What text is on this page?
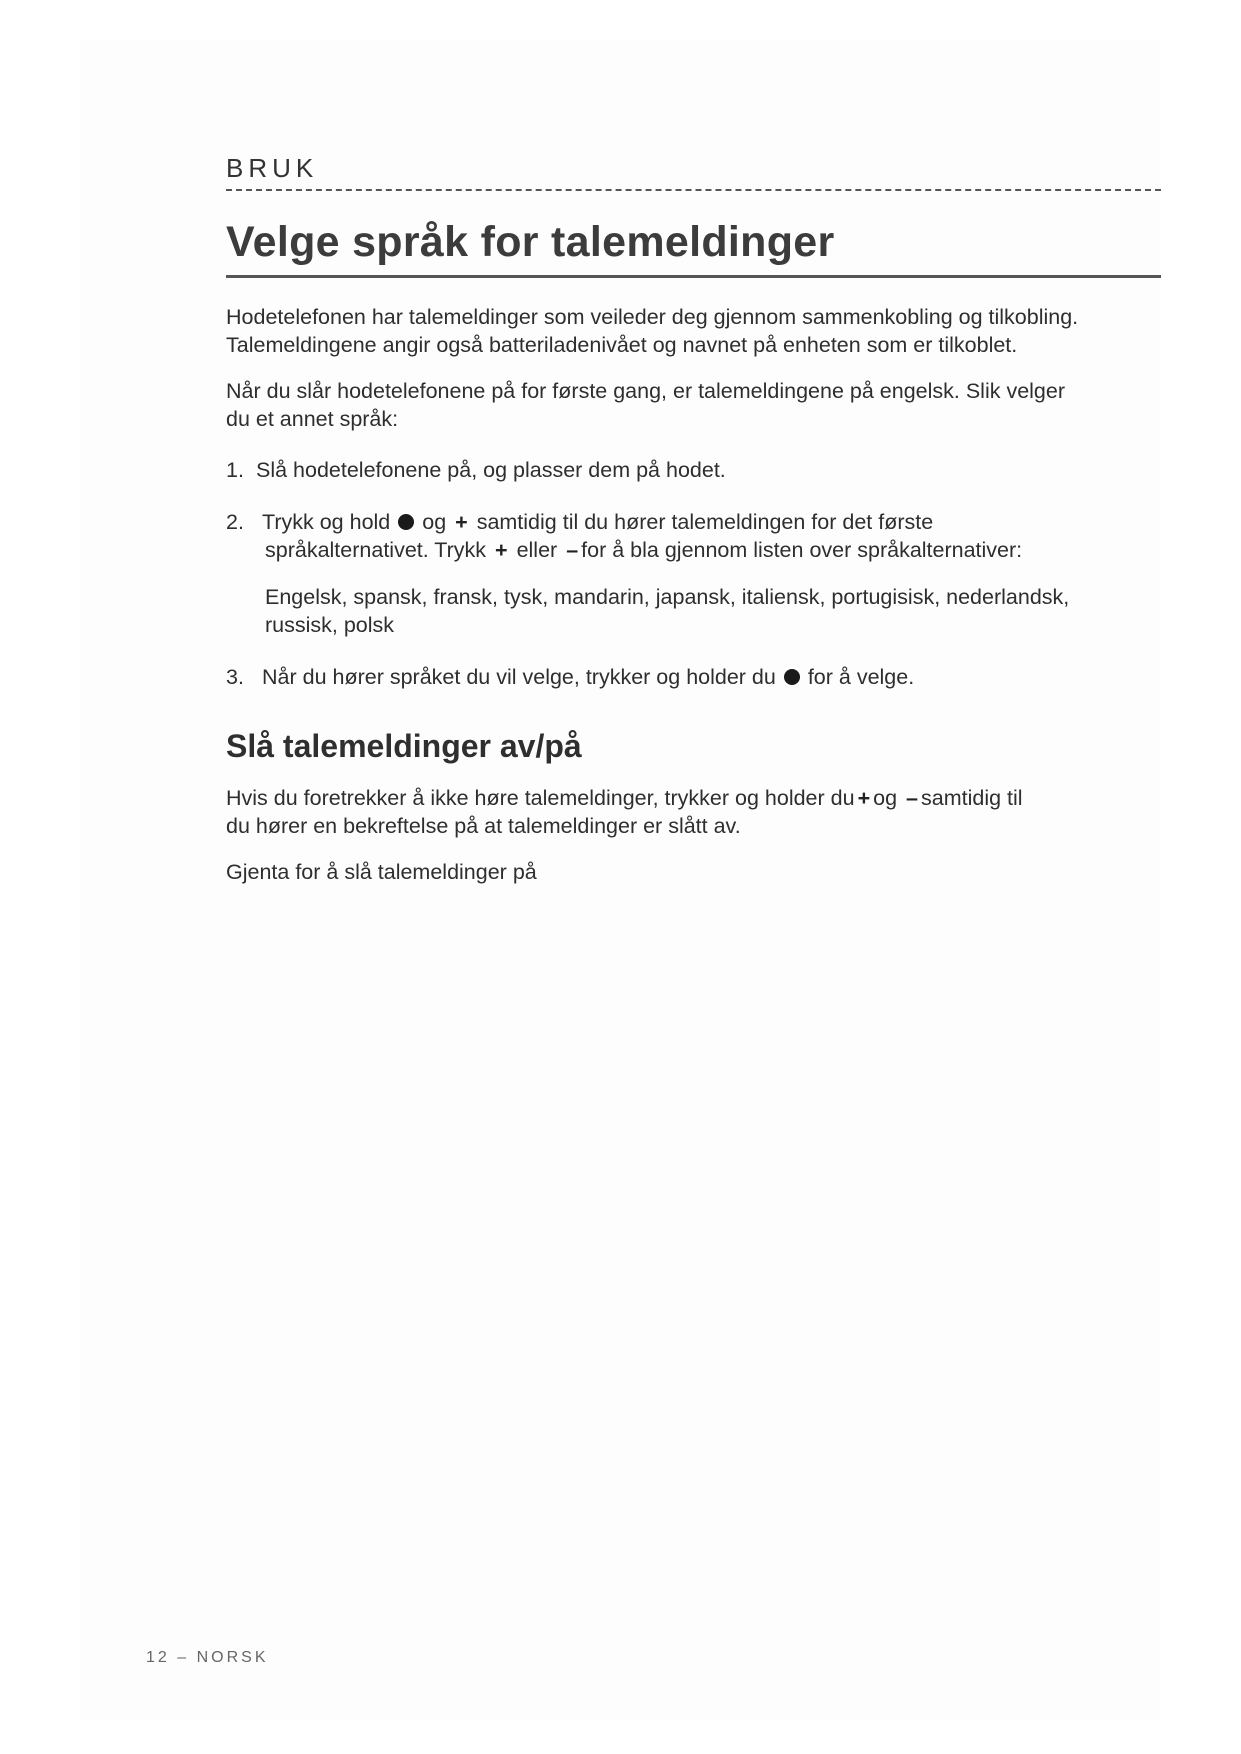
BRUK
Velge språk for talemeldinger

Hodetelefonen har talemeldinger som veileder deg gjennom sammenkobling og tilkobling.
Talemeldingene angir også batteriladenivået og navnet på enheten som er tilkoblet.

Når du slår hodetelefonene på for første gang, er talemeldingene på engelsk. Slik velger
du et annet språk:

1. Slå hodetelefonene på, og plasser dem på hodet.
2. Trykk og hold og + samtidig til du hører talemeldingen for det første
språkalternativet. Trykk + eller – for å bla gjennom listen over språkalternativer:
Engelsk, spansk, fransk, tysk, mandarin, japansk, italiensk, portugisisk, nederlandsk,
russisk, polsk
3. Når du hører språket du vil velge, trykker og holder du for å velge.
Slå talemeldinger av/på

Hvis du foretrekker å ikke høre talemeldinger, trykker og holder du + og – samtidig til
du hører en bekreftelse på at talemeldinger er slått av.

Gjenta for å slå talemeldinger på

12 – NORSK
